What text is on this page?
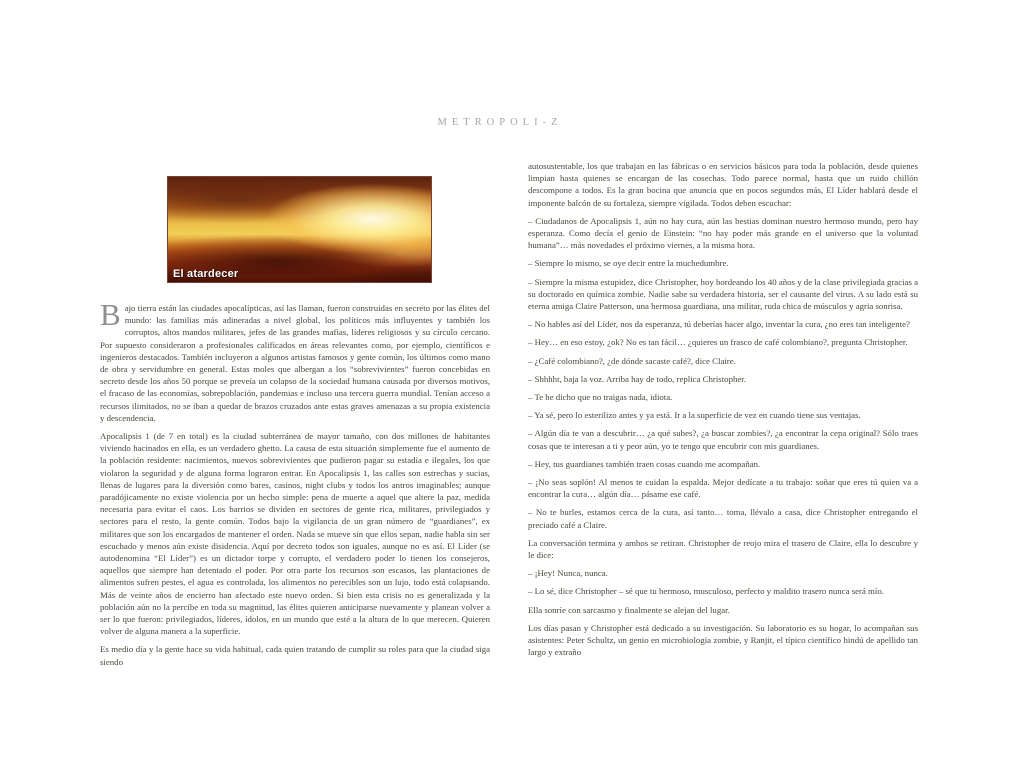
METROPOLI-Z
El atardecer

Bajo tierra están las ciudades apocalípticas, así las llaman, fueron construidas en secreto por las élites del mundo: las familias más adineradas a nivel global, los políticos más influyentes y también los corruptos, altos mandos militares, jefes de las grandes mafias, líderes religiosos y su círculo cercano. Por supuesto consideraron a profesionales calificados en áreas relevantes como, por ejemplo, científicos e ingenieros destacados. También incluyeron a algunos artistas famosos y gente común, los últimos como mano de obra y servidumbre en general. Estas moles que albergan a los “sobrevivientes” fueron concebidas en secreto desde los años 50 porque se preveía un colapso de la sociedad humana causada por diversos motivos, el fracaso de las economías, sobrepoblación, pandemias e incluso una tercera guerra mundial. Tenían acceso a recursos ilimitados, no se iban a quedar de brazos cruzados ante estas graves amenazas a su propia existencia y descendencia.

Apocalipsis 1 (de 7 en total) es la ciudad subterránea de mayor tamaño, con dos millones de habitantes viviendo hacinados en ella, es un verdadero ghetto. La causa de esta situación simplemente fue el aumento de la población residente: nacimientos, nuevos sobrevivientes que pudieron pagar su estadía e ilegales, los que violaron la seguridad y de alguna forma lograron entrar. En Apocalipsis 1, las calles son estrechas y sucias, llenas de lugares para la diversión como bares, casinos, night clubs y todos los antros imaginables; aunque paradójicamente no existe violencia por un hecho simple: pena de muerte a aquel que altere la paz, medida necesaria para evitar el caos. Los barrios se dividen en sectores de gente rica, militares, privilegiados y sectores para el resto, la gente común. Todos bajo la vigilancia de un gran número de “guardianes”, ex militares que son los encargados de mantener el orden. Nada se mueve sin que ellos sepan, nadie habla sin ser escuchado y menos aún existe disidencia. Aquí por decreto todos son iguales, aunque no es así. El Líder (se autodenomina “El Líder”) es un dictador torpe y corrupto, el verdadero poder lo tienen los consejeros, aquellos que siempre han detentado el poder. Por otra parte los recursos son escasos, las plantaciones de alimentos sufren pestes, el agua es controlada, los alimentos no perecibles son un lujo, todo está colapsando. Más de veinte años de encierro han afectado este nuevo orden. Si bien esta crisis no es generalizada y la población aún no la percibe en toda su magnitud, las élites quieren anticiparse nuevamente y planean volver a ser lo que fueron: privilegiados, líderes, ídolos, en un mundo que esté a la altura de lo que merecen. Quieren volver de alguna manera a la superficie.

Es medio día y la gente hace su vida habitual, cada quien tratando de cumplir su roles para que la ciudad siga siendo

autosustentable, los que trabajan en las fábricas o en servicios básicos para toda la población, desde quienes limpian hasta quienes se encargan de las cosechas. Todo parece normal, hasta que un ruido chillón descompone a todos. Es la gran bocina que anuncia que en pocos segundos más, El Líder hablará desde el imponente balcón de su fortaleza, siempre vigilada. Todos deben escuchar:

– Ciudadanos de Apocalipsis 1, aún no hay cura, aún las bestias dominan nuestro hermoso mundo, pero hay esperanza. Como decía el genio de Einstein: “no hay poder más grande en el universo que la voluntad humana”… más novedades el próximo viernes, a la misma hora.

– Siempre lo mismo, se oye decir entre la muchedumbre.

– Siempre la misma estupidez, dice Christopher, hoy bordeando los 40 años y de la clase privilegiada gracias a su doctorado en química zombie. Nadie sabe su verdadera historia, ser el causante del virus. A su lado está su eterna amiga Claire Patterson, una hermosa guardiana, una militar, ruda chica de músculos y agria sonrisa.

– No hables así del Líder, nos da esperanza, tú deberías hacer algo, inventar la cura, ¿no eres tan inteligente?

– Hey… en eso estoy, ¿ok? No es tan fácil… ¿quieres un frasco de café colombiano?, pregunta Christopher.

– ¿Café colombiano?, ¿de dónde sacaste café?, dice Claire.

– Shhhht, baja la voz. Arriba hay de todo, replica Christopher.

– Te he dicho que no traigas nada, idiota.

– Ya sé, pero lo esterilizo antes y ya está. Ir a la superficie de vez en cuando tiene sus ventajas.

– Algún día te van a descubrir… ¿a qué subes?, ¿a buscar zombies?, ¿a encontrar la cepa original? Sólo traes cosas que te interesan a ti y peor aún, yo te tengo que encubrir con mis guardianes.

– Hey, tus guardianes también traen cosas cuando me acompañan.

– ¡No seas soplón! Al menos te cuidan la espalda. Mejor dedícate a tu trabajo: soñar que eres tú quien va a encontrar la cura… algún día… pásame ese café.

– No te burles, estamos cerca de la cura, así tanto… toma, llévalo a casa, dice Christopher entregando el preciado café a Claire.

La conversación termina y ambos se retiran. Christopher de reojo mira el trasero de Claire, ella lo descubre y le dice:

– ¡Hey! Nunca, nunca.

– Lo sé, dice Christopher – sé que tu hermoso, musculoso, perfecto y maldito trasero nunca será mío.

Ella sonríe con sarcasmo y finalmente se alejan del lugar.

Los días pasan y Christopher está dedicado a su investigación. Su laboratorio es su hogar, lo acompañan sus asistentes: Peter Schultz, un genio en microbiología zombie, y Ranjit, el típico científico hindú de apellido tan largo y extraño
